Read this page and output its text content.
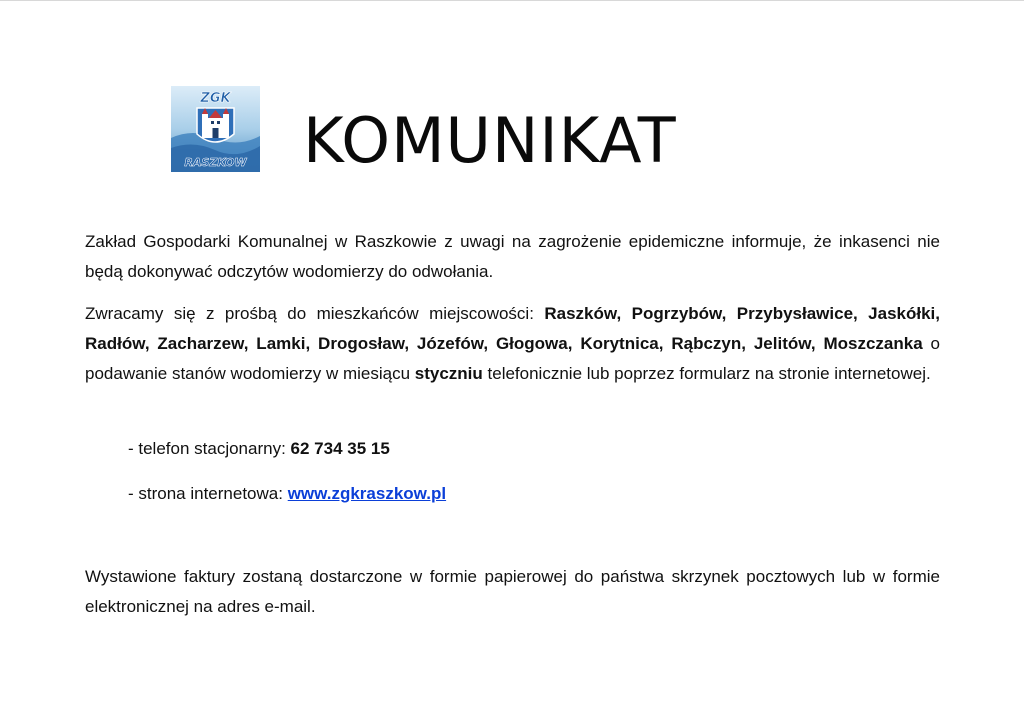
ZGK
RASZKOW KOMUNIKAT

Zakład Gospodarki Komunalnej w Raszkowie z uwagi na zagrożenie epidemiczne informuje, że inkasenci nie będą dokonywać odczytów wodomierzy do odwołania.

Zwracamy się z prośbą do mieszkańców miejscowości: Raszków, Pogrzybów, Przybysławice, Jaskółki, Radłów, Zacharzew, Lamki, Drogosław, Józefów, Głogowa, Korytnica, Rąbczyn, Jelitów, Moszczanka o podawanie stanów wodomierzy w miesiącu styczniu telefonicznie lub poprzez formularz na stronie internetowej.

- telefon stacjonarny: 62 734 35 15

- strona internetowa: www.zgkraszkow.pl

Wystawione faktury zostaną dostarczone w formie papierowej do państwa skrzynek pocztowych lub w formie elektronicznej na adres e-mail.
